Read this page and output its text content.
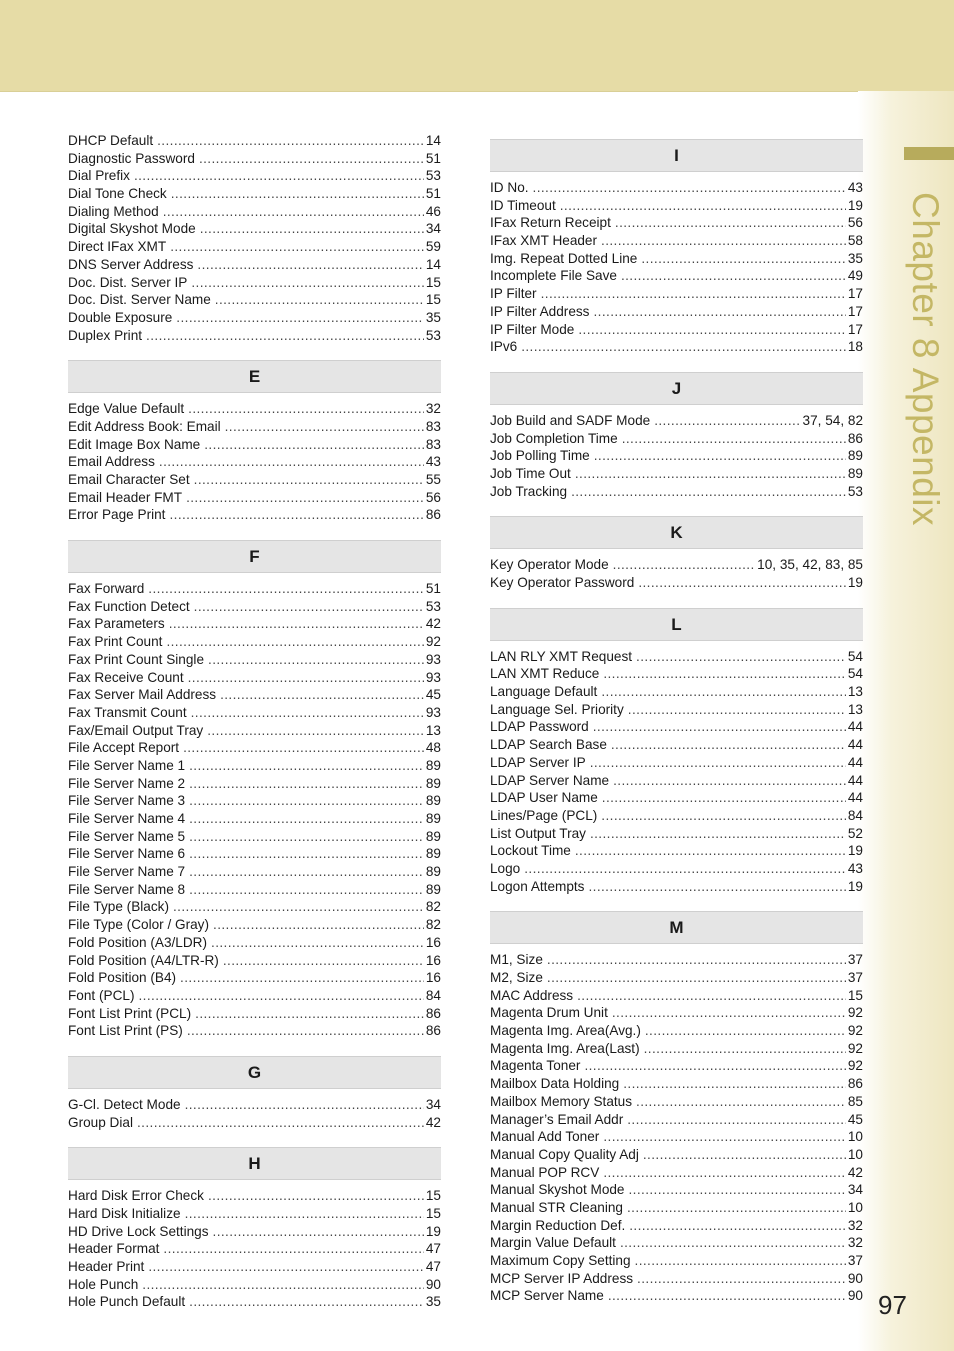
Chapter 8 Appendix
DHCP Default .....	14
Diagnostic Password .....	51
Dial Prefix .....	53
Dial Tone Check .....	51
Dialing Method .....	46
Digital Skyshot Mode .....	34
Direct IFax XMT .....	59
DNS Server Address .....	14
Doc. Dist. Server IP .....	15
Doc. Dist. Server Name .....	15
Double Exposure .....	35
Duplex Print .....	53
E
Edge Value Default .....	32
Edit Address Book: Email .....	83
Edit Image Box Name .....	83
Email Address .....	43
Email Character Set .....	55
Email Header FMT .....	56
Error Page Print .....	86
F
Fax Forward .....	51
Fax Function Detect .....	53
Fax Parameters .....	42
Fax Print Count .....	92
Fax Print Count Single .....	93
Fax Receive Count .....	93
Fax Server Mail Address .....	45
Fax Transmit Count .....	93
Fax/Email Output Tray .....	13
File Accept Report .....	48
File Server Name 1 .....	89
File Server Name 2 .....	89
File Server Name 3 .....	89
File Server Name 4 .....	89
File Server Name 5 .....	89
File Server Name 6 .....	89
File Server Name 7 .....	89
File Server Name 8 .....	89
File Type (Black) .....	82
File Type (Color / Gray) .....	82
Fold Position (A3/LDR) .....	16
Fold Position (A4/LTR-R) .....	16
Fold Position (B4) .....	16
Font (PCL) .....	84
Font List Print (PCL) .....	86
Font List Print (PS) .....	86
G
G-Cl. Detect Mode .....	34
Group Dial .....	42
H
Hard Disk Error Check .....	15
Hard Disk Initialize .....	15
HD Drive Lock Settings .....	19
Header Format .....	47
Header Print .....	47
Hole Punch .....	90
Hole Punch Default .....	35
I
ID No. .....	43
ID Timeout .....	19
IFax Return Receipt .....	56
IFax XMT Header .....	58
Img. Repeat Dotted Line .....	35
Incomplete File Save .....	49
IP Filter .....	17
IP Filter Address .....	17
IP Filter Mode .....	17
IPv6 .....	18
J
Job Build and SADF Mode .....	37, 54, 82
Job Completion Time .....	86
Job Polling Time .....	89
Job Time Out .....	89
Job Tracking .....	53
K
Key Operator Mode .....	10, 35, 42, 83, 85
Key Operator Password .....	19
L
LAN RLY XMT Request .....	54
LAN XMT Reduce .....	54
Language Default .....	13
Language Sel. Priority .....	13
LDAP Password .....	44
LDAP Search Base .....	44
LDAP Server IP .....	44
LDAP Server Name .....	44
LDAP User Name .....	44
Lines/Page (PCL) .....	84
List Output Tray .....	52
Lockout Time .....	19
Logo .....	43
Logon Attempts .....	19
M
M1, Size .....	37
M2, Size .....	37
MAC Address .....	15
Magenta Drum Unit .....	92
Magenta Img. Area(Avg.) .....	92
Magenta Img. Area(Last) .....	92
Magenta Toner .....	92
Mailbox Data Holding .....	86
Mailbox Memory Status .....	85
Manager’s Email Addr .....	45
Manual Add Toner .....	10
Manual Copy Quality Adj .....	10
Manual POP RCV .....	42
Manual Skyshot Mode .....	34
Manual STR Cleaning .....	10
Margin Reduction Def. .....	32
Margin Value Default .....	32
Maximum Copy Setting .....	37
MCP Server IP Address .....	90
MCP Server Name .....	90 97
